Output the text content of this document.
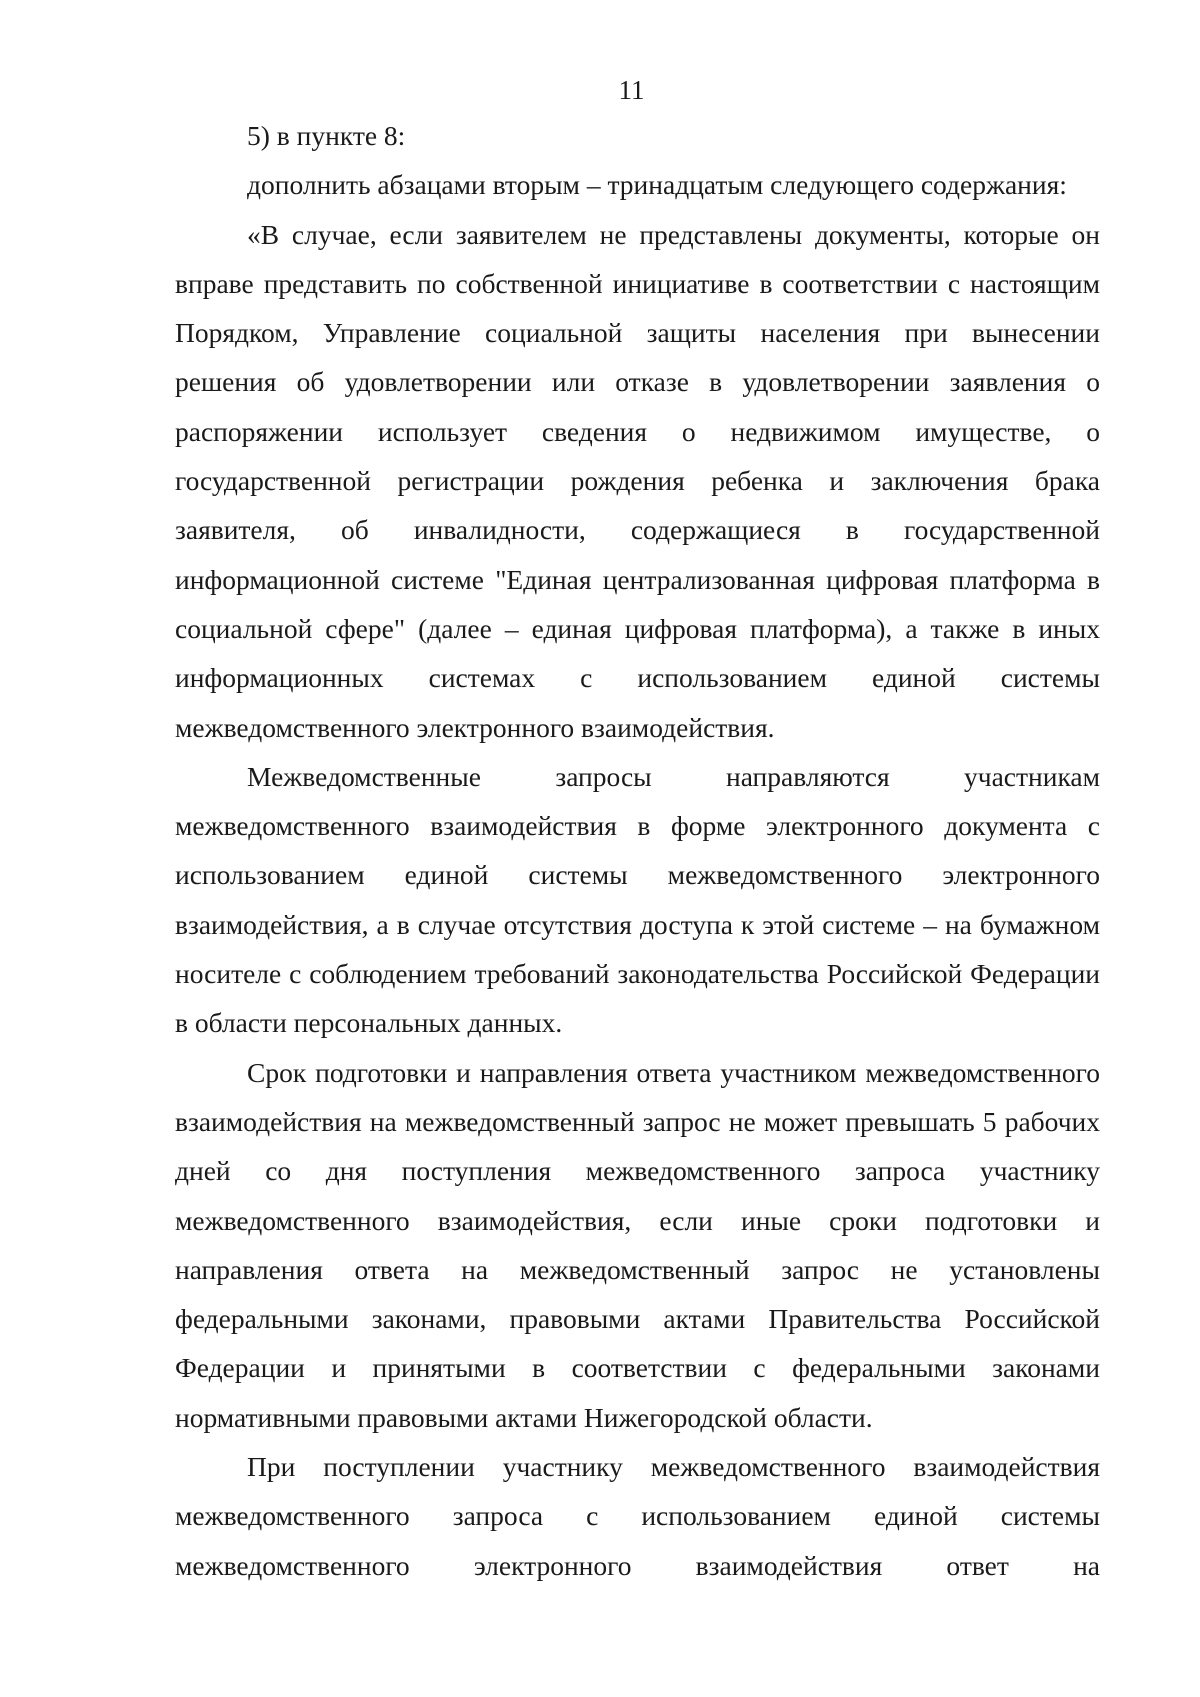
11

5) в пункте 8:

дополнить абзацами вторым – тринадцатым следующего содержания:

«В случае, если заявителем не представлены документы, которые он вправе представить по собственной инициативе в соответствии с настоящим Порядком, Управление социальной защиты населения при вынесении решения об удовлетворении или отказе в удовлетворении заявления о распоряжении использует сведения о недвижимом имуществе, о государственной регистрации рождения ребенка и заключения брака заявителя, об инвалидности, содержащиеся в государственной информационной системе "Единая централизованная цифровая платформа в социальной сфере" (далее – единая цифровая платформа), а также в иных информационных системах с использованием единой системы межведомственного электронного взаимодействия.

Межведомственные запросы направляются участникам межведомственного взаимодействия в форме электронного документа с использованием единой системы межведомственного электронного взаимодействия, а в случае отсутствия доступа к этой системе – на бумажном носителе с соблюдением требований законодательства Российской Федерации в области персональных данных.

Срок подготовки и направления ответа участником межведомственного взаимодействия на межведомственный запрос не может превышать 5 рабочих дней со дня поступления межведомственного запроса участнику межведомственного взаимодействия, если иные сроки подготовки и направления ответа на межведомственный запрос не установлены федеральными законами, правовыми актами Правительства Российской Федерации и принятыми в соответствии с федеральными законами нормативными правовыми актами Нижегородской области.

При поступлении участнику межведомственного взаимодействия межведомственного запроса с использованием единой системы межведомственного электронного взаимодействия ответ на
